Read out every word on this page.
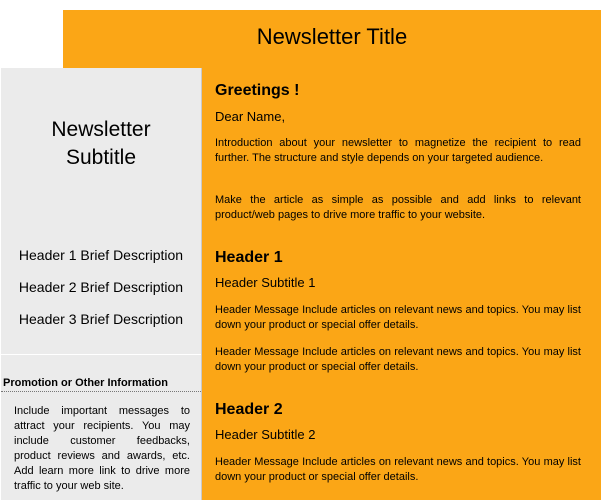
Newsletter Title
Newsletter
Subtitle
Header 1 Brief Description
Header 2 Brief Description
Header 3 Brief Description
Promotion or Other Information
Include important messages to attract your recipients. You may include customer feedbacks, product reviews and awards, etc. Add learn more link to drive more traffic to your web site.
Greetings !
Dear Name,
Introduction about your newsletter to magnetize the recipient to read further. The structure and style depends on your targeted audience.
Make the article as simple as possible and add links to relevant product/web pages to drive more traffic to your website.
Header 1
Header Subtitle 1
Header Message Include articles on relevant news and topics. You may list down your product or special offer details.
Header Message Include articles on relevant news and topics. You may list down your product or special offer details.
Header 2
Header Subtitle 2
Header Message Include articles on relevant news and topics. You may list down your product or special offer details.
